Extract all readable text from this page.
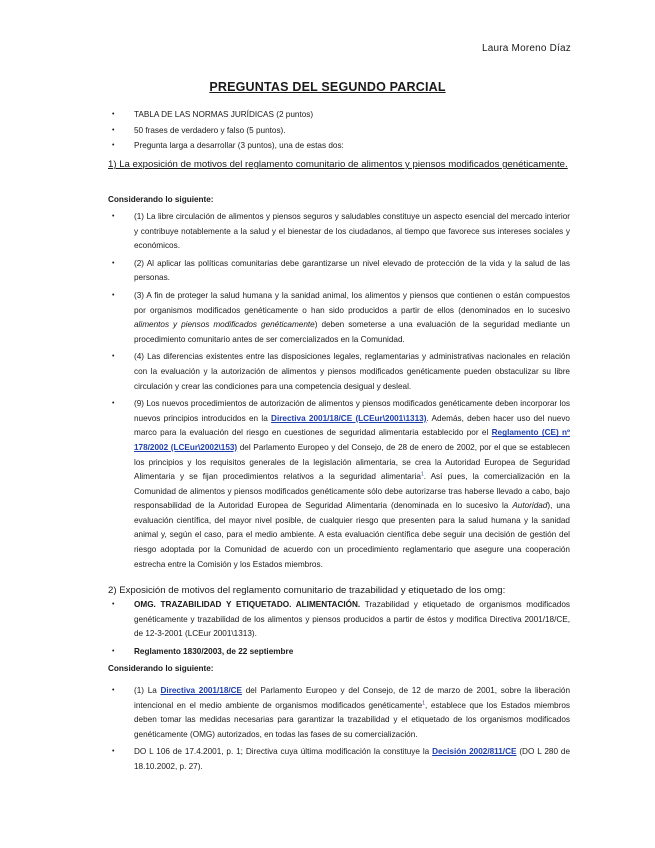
Laura Moreno Díaz
PREGUNTAS DEL SEGUNDO PARCIAL
• TABLA DE LAS NORMAS JURÍDICAS (2 puntos)
• 50 frases de verdadero y falso (5 puntos).
• Pregunta larga a desarrollar (3 puntos), una de estas dos:
1) La exposición de motivos del reglamento comunitario de alimentos y piensos modificados genéticamente.
Considerando lo siguiente:
• (1) La libre circulación de alimentos y piensos seguros y saludables constituye un aspecto esencial del mercado interior y contribuye notablemente a la salud y el bienestar de los ciudadanos, al tiempo que favorece sus intereses sociales y económicos.
• (2) Al aplicar las políticas comunitarias debe garantizarse un nivel elevado de protección de la vida y la salud de las personas.
• (3) A fin de proteger la salud humana y la sanidad animal, los alimentos y piensos que contienen o están compuestos por organismos modificados genéticamente o han sido producidos a partir de ellos (denominados en lo sucesivo alimentos y piensos modificados genéticamente) deben someterse a una evaluación de la seguridad mediante un procedimiento comunitario antes de ser comercializados en la Comunidad.
• (4) Las diferencias existentes entre las disposiciones legales, reglamentarias y administrativas nacionales en relación con la evaluación y la autorización de alimentos y piensos modificados genéticamente pueden obstaculizar su libre circulación y crear las condiciones para una competencia desigual y desleal.
• (9) Los nuevos procedimientos de autorización de alimentos y piensos modificados genéticamente deben incorporar los nuevos principios introducidos en la Directiva 2001/18/CE (LCEur\2001\1313). Además, deben hacer uso del nuevo marco para la evaluación del riesgo en cuestiones de seguridad alimentaria establecido por el Reglamento (CE) nº 178/2002 (LCEur\2002\153) del Parlamento Europeo y del Consejo, de 28 de enero de 2002, por el que se establecen los principios y los requisitos generales de la legislación alimentaria, se crea la Autoridad Europea de Seguridad Alimentaria y se fijan procedimientos relativos a la seguridad alimentaria$^1$. Así pues, la comercialización en la Comunidad de alimentos y piensos modificados genéticamente sólo debe autorizarse tras haberse llevado a cabo, bajo responsabilidad de la Autoridad Europea de Seguridad Alimentaria (denominada en lo sucesivo la Autoridad), una evaluación científica, del mayor nivel posible, de cualquier riesgo que presenten para la salud humana y la sanidad animal y, según el caso, para el medio ambiente. A esta evaluación científica debe seguir una decisión de gestión del riesgo adoptada por la Comunidad de acuerdo con un procedimiento reglamentario que asegure una cooperación estrecha entre la Comisión y los Estados miembros.
2) Exposición de motivos del reglamento comunitario de trazabilidad y etiquetado de los omg:
• OMG. TRAZABILIDAD Y ETIQUETADO. ALIMENTACIÓN. Trazabilidad y etiquetado de organismos modificados genéticamente y trazabilidad de los alimentos y piensos producidos a partir de éstos y modifica Directiva 2001/18/CE, de 12-3-2001 (LCEur 2001\1313).
• Reglamento 1830/2003, de 22 septiembre
Considerando lo siguiente:
• (1) La Directiva 2001/18/CE del Parlamento Europeo y del Consejo, de 12 de marzo de 2001, sobre la liberación intencional en el medio ambiente de organismos modificados genéticamente$^1$, establece que los Estados miembros deben tomar las medidas necesarias para garantizar la trazabilidad y el etiquetado de los organismos modificados genéticamente (OMG) autorizados, en todas las fases de su comercialización.
• DO L 106 de 17.4.2001, p. 1; Directiva cuya última modificación la constituye la Decisión 2002/811/CE (DO L 280 de 18.10.2002, p. 27).
